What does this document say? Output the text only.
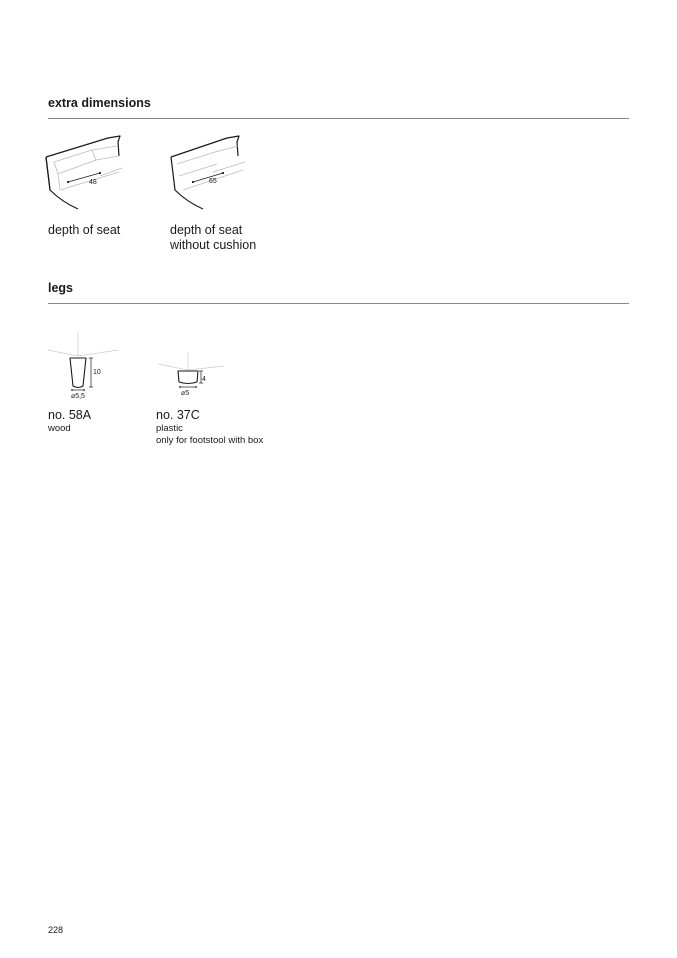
extra dimensions
48
depth of seat
65
depth of seat
without cushion
legs
10
⌀5,5
no. 58A
wood
4
⌀5
no. 37C
plastic
only for footstool with box
228
